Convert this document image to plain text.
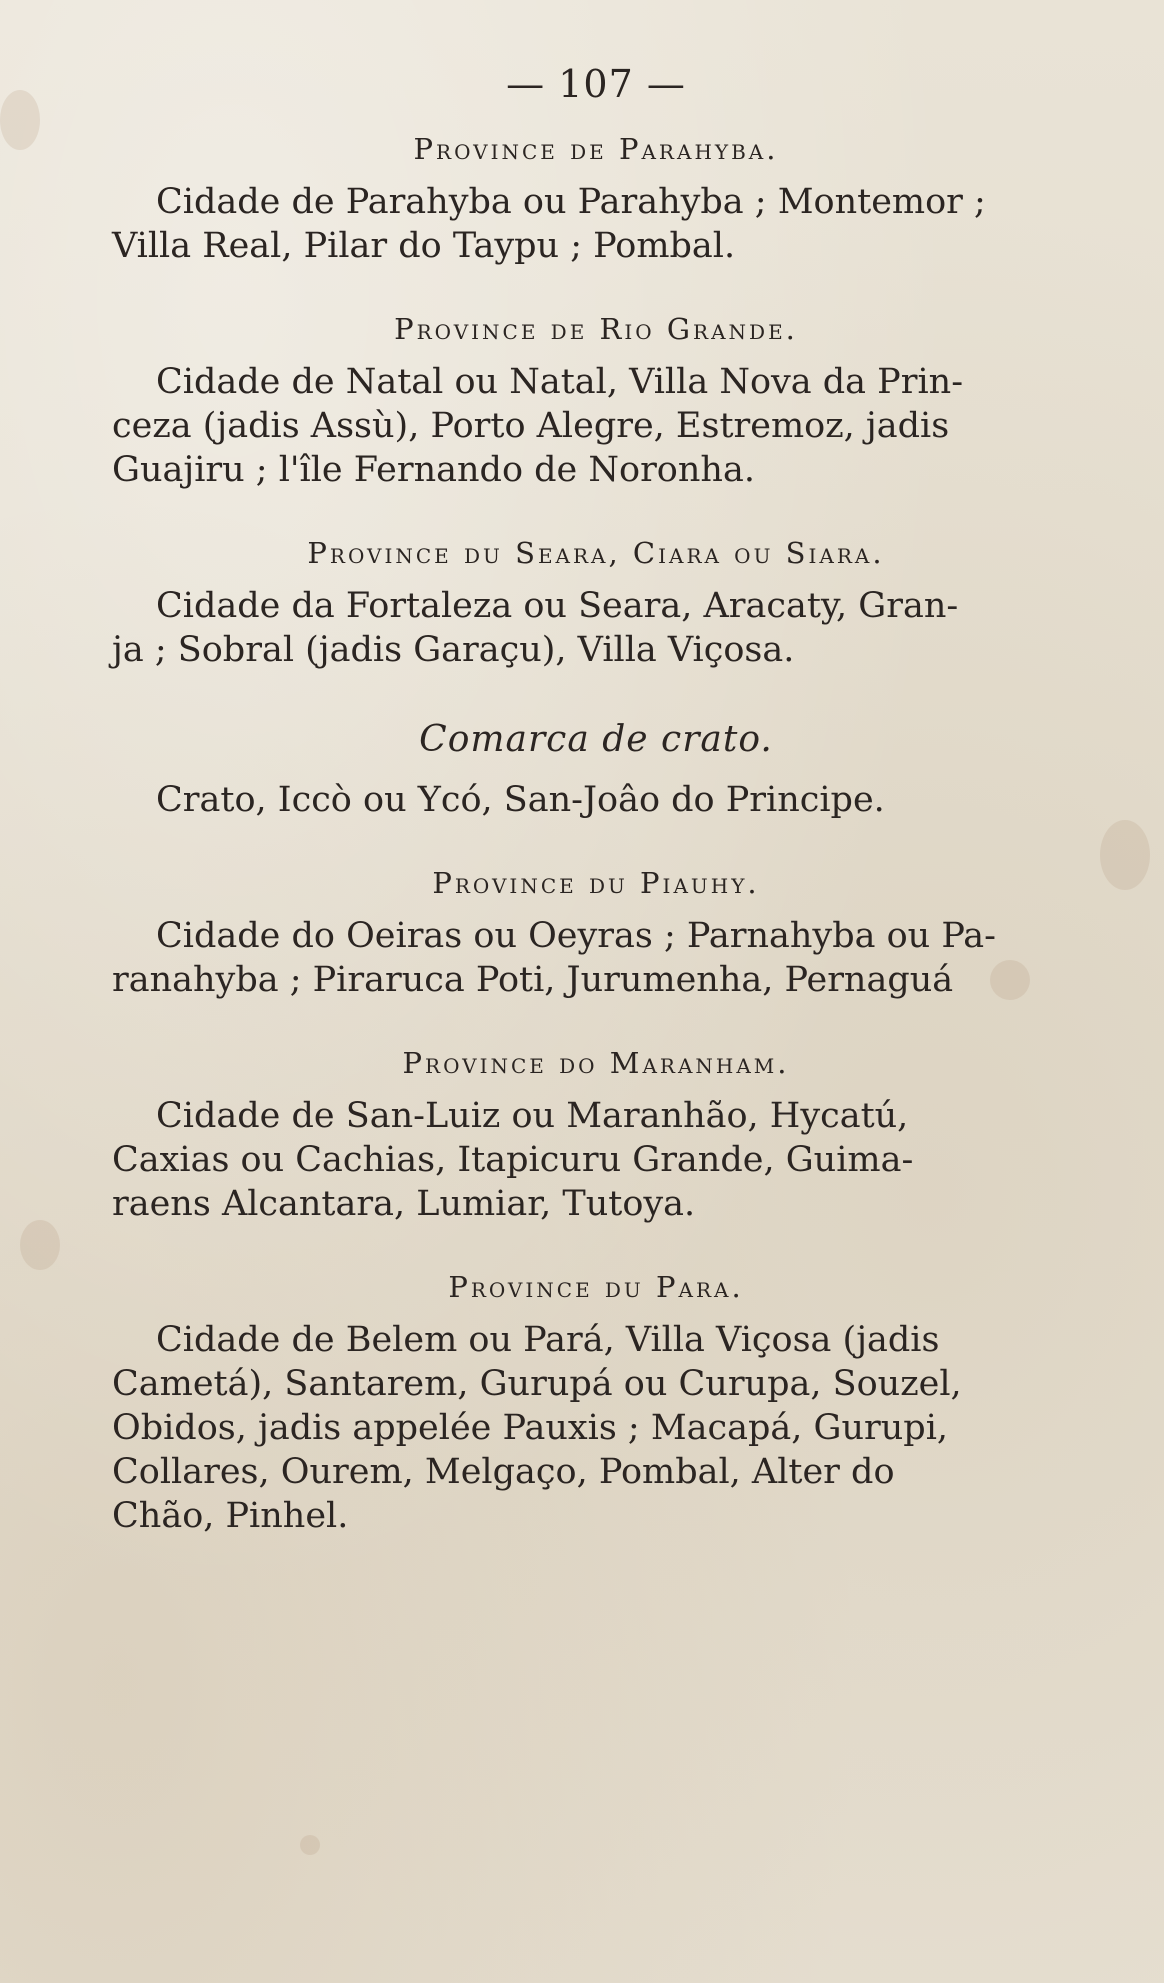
— 107 —
Province de Parahyba.
Cidade de Parahyba ou Parahyba ; Montemor ;
Villa Real, Pilar do Taypu ; Pombal.
Province de Rio Grande.
Cidade de Natal ou Natal, Villa Nova da Prin-
ceza (jadis Assù), Porto Alegre, Estremoz, jadis
Guajiru ; l'île Fernando de Noronha.
Province du Seara, Ciara ou Siara.
Cidade da Fortaleza ou Seara, Aracaty, Gran-
ja ; Sobral (jadis Garaçu), Villa Viçosa.
Comarca de crato.
Crato, Iccò ou Ycó, San-Joâo do Principe.
Province du Piauhy.
Cidade do Oeiras ou Oeyras ; Parnahyba ou Pa-
ranahyba ; Piraruca Poti, Jurumenha, Pernaguá
Province do Maranham.
Cidade de San-Luiz ou Maranhão, Hycatú,
Caxias ou Cachias, Itapicuru Grande, Guima-
raens Alcantara, Lumiar, Tutoya.
Province du Para.
Cidade de Belem ou Pará, Villa Viçosa (jadis
Cametá), Santarem, Gurupá ou Curupa, Souzel,
Obidos, jadis appelée Pauxis ; Macapá, Gurupi,
Collares, Ourem, Melgaço, Pombal, Alter do
Chão, Pinhel.
